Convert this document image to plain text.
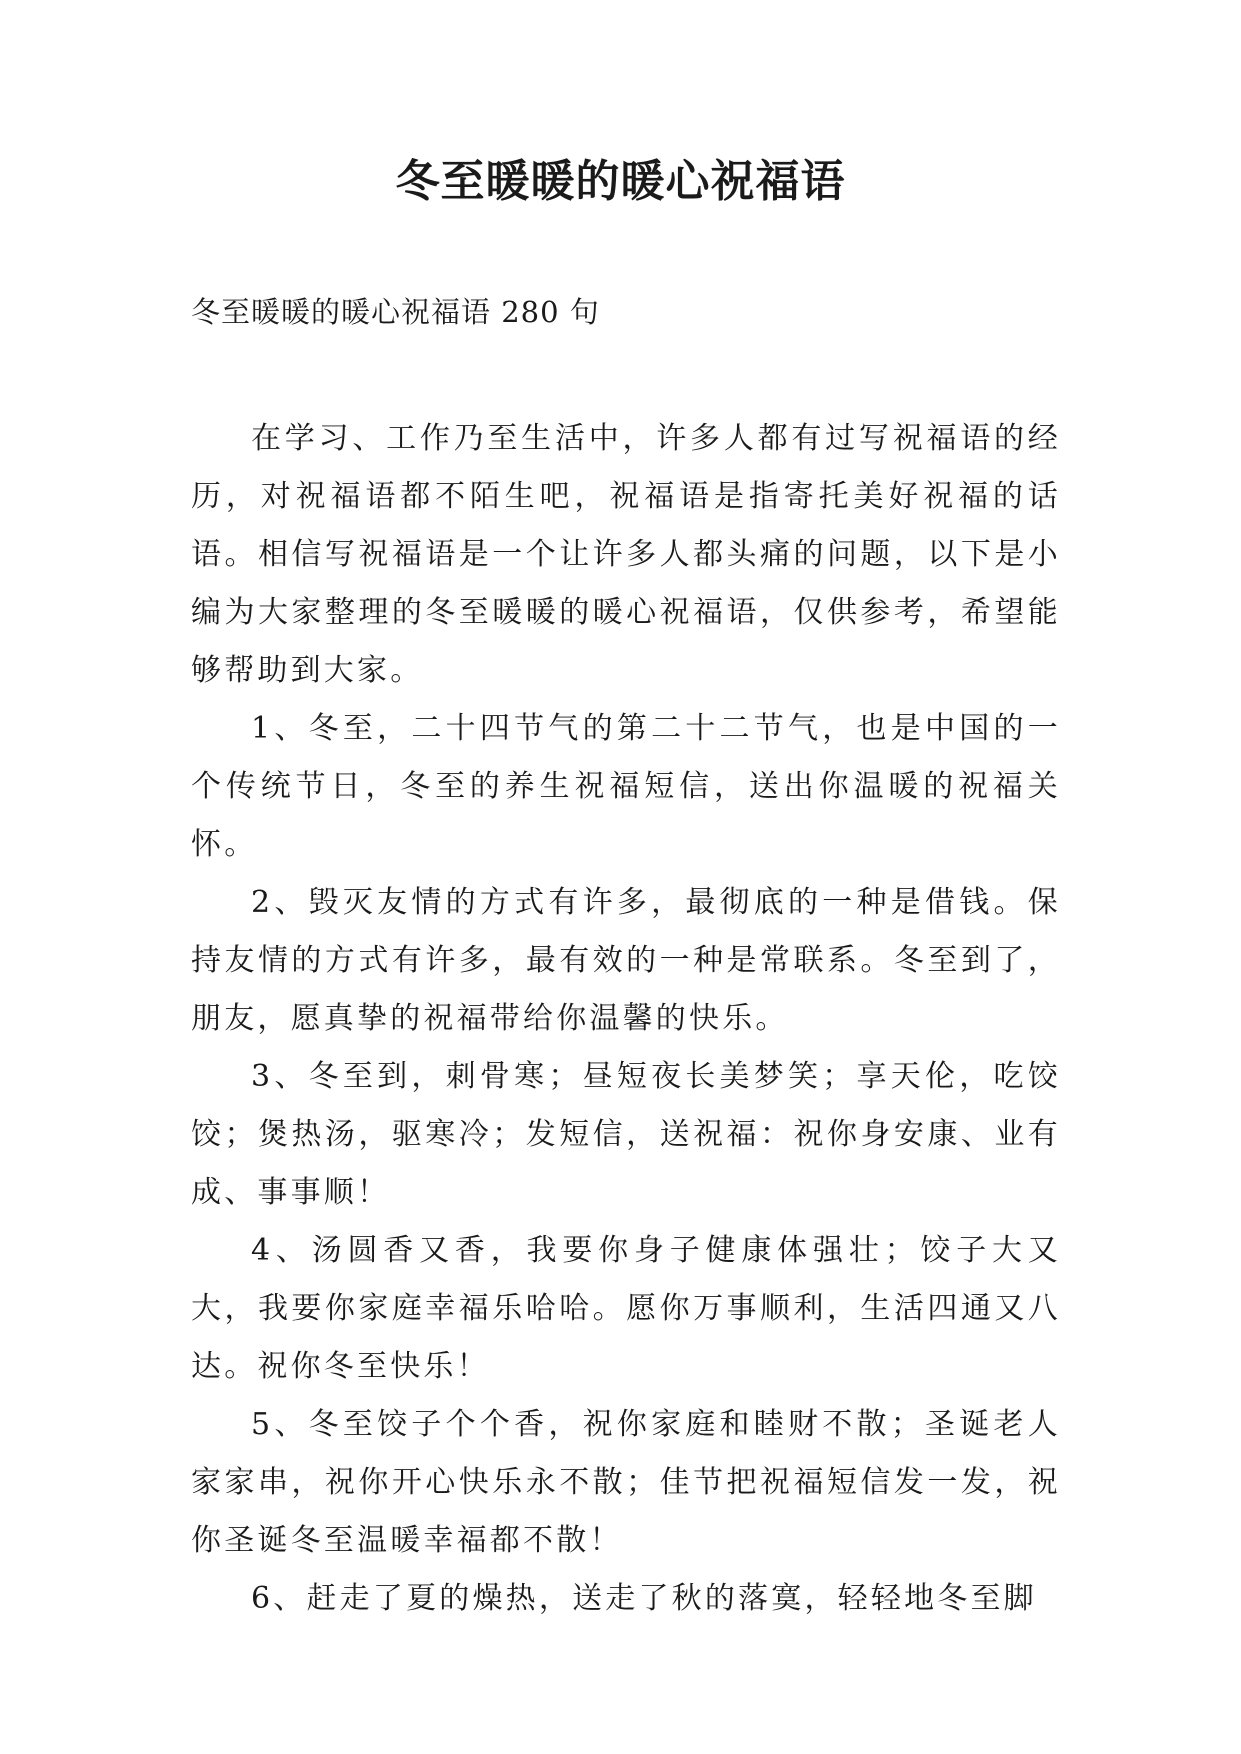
冬至暖暖的暖心祝福语
冬至暖暖的暖心祝福语 280 句

在学习、工作乃至生活中，许多人都有过写祝福语的经历，对祝福语都不陌生吧，祝福语是指寄托美好祝福的话语。相信写祝福语是一个让许多人都头痛的问题，以下是小编为大家整理的冬至暖暖的暖心祝福语，仅供参考，希望能够帮助到大家。

1、冬至，二十四节气的第二十二节气，也是中国的一个传统节日，冬至的养生祝福短信，送出你温暖的祝福关怀。

2、毁灭友情的方式有许多，最彻底的一种是借钱。保持友情的方式有许多，最有效的一种是常联系。冬至到了，朋友，愿真挚的祝福带给你温馨的快乐。

3、冬至到，刺骨寒；昼短夜长美梦笑；享天伦，吃饺饺；煲热汤，驱寒冷；发短信，送祝福：祝你身安康、业有成、事事顺！

4、汤圆香又香，我要你身子健康体强壮；饺子大又大，我要你家庭幸福乐哈哈。愿你万事顺利，生活四通又八达。祝你冬至快乐！

5、冬至饺子个个香，祝你家庭和睦财不散；圣诞老人家家串，祝你开心快乐永不散；佳节把祝福短信发一发，祝你圣诞冬至温暖幸福都不散！

6、赶走了夏的燥热，送走了秋的落寞，轻轻地冬至脚
